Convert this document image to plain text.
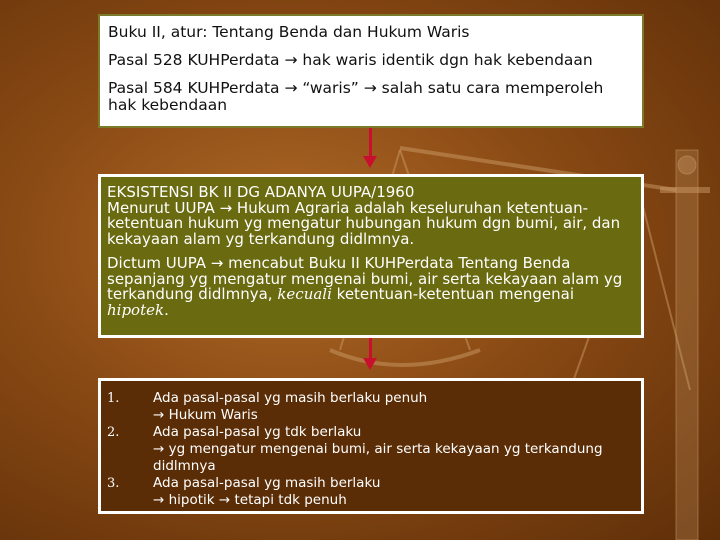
Buku II, atur: Tentang Benda dan Hukum Waris

Pasal 528 KUHPerdata → hak waris identik dgn hak kebendaan

Pasal 584 KUHPerdata → “waris” → salah satu cara memperoleh hak kebendaan

EKSISTENSI BK II DG ADANYA UUPA/1960
Menurut UUPA → Hukum Agraria adalah keseluruhan ketentuan-ketentuan hukum yg mengatur hubungan hukum dgn bumi, air, dan kekayaan alam yg terkandung didlmnya.

Dictum UUPA → mencabut Buku II KUHPerdata Tentang Benda sepanjang yg mengatur mengenai bumi, air serta kekayaan alam yg terkandung didlmnya, kecuali ketentuan-ketentuan mengenai hipotek.

1.	Ada pasal-pasal yg masih berlaku penuh
→ Hukum Waris
2.	Ada pasal-pasal yg tdk berlaku
→ yg mengatur mengenai bumi, air serta kekayaan yg terkandung didlmnya
3.	Ada pasal-pasal yg masih berlaku
→ hipotik → tetapi tdk penuh
